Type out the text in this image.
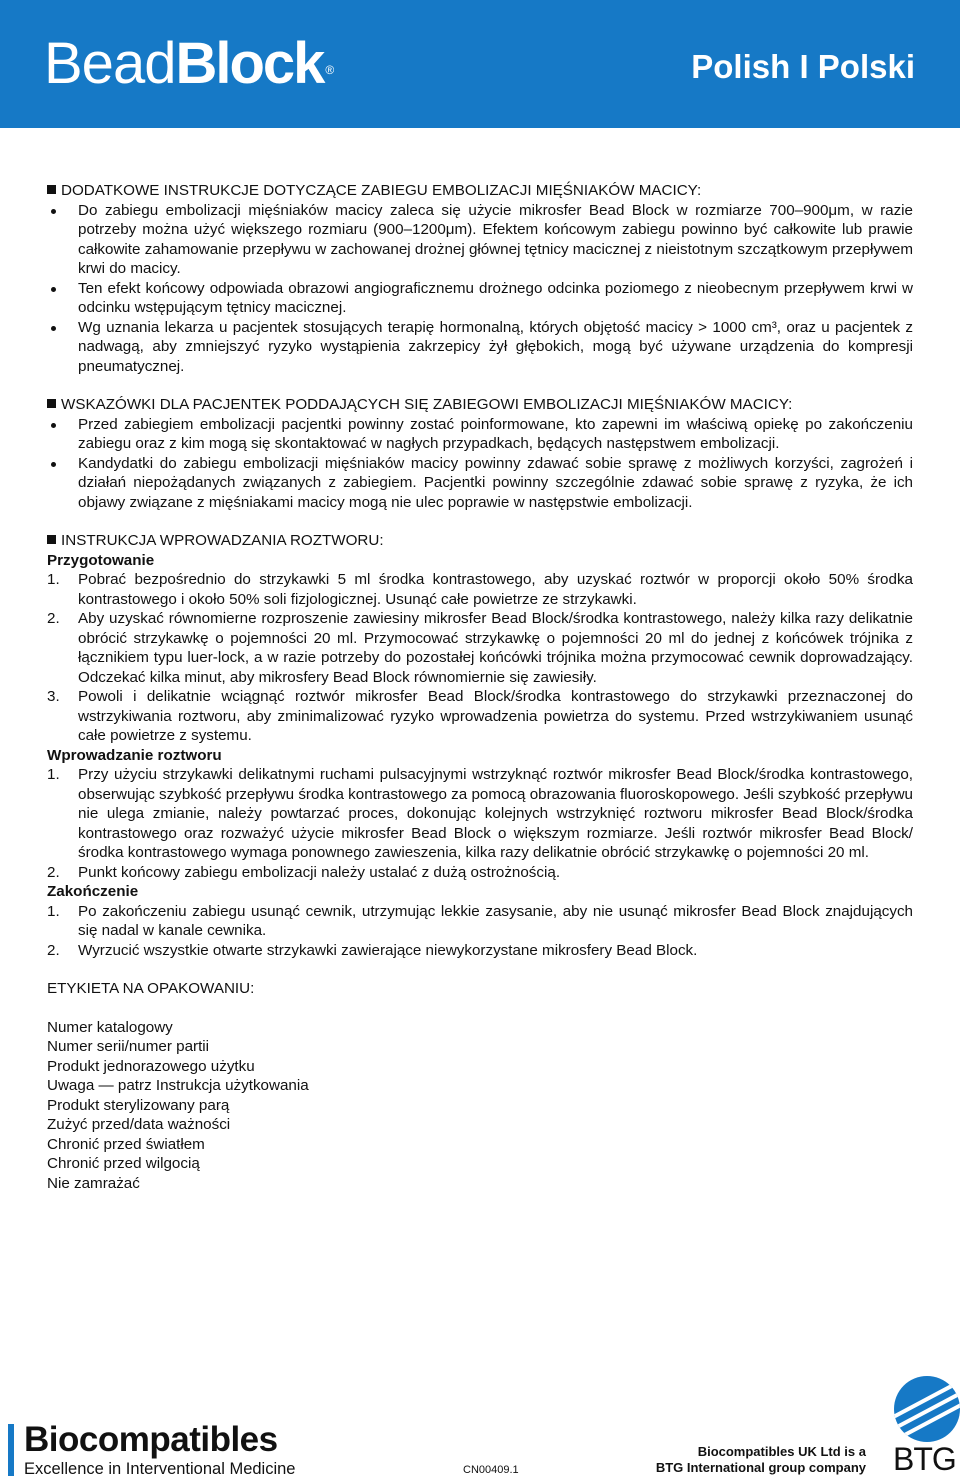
BeadBlock ®	Polish I Polski
DODATKOWE INSTRUKCJE DOTYCZĄCE ZABIEGU EMBOLIZACJI MIĘŚNIAKÓW MACICY:
Do zabiegu embolizacji mięśniaków macicy zaleca się użycie mikrosfer Bead Block w rozmiarze 700–900μm, w razie potrzeby można użyć większego rozmiaru (900–1200μm). Efektem końcowym zabiegu powinno być całkowite lub prawie całkowite zahamowanie przepływu w zachowanej drożnej głównej tętnicy macicznej z nieistotnym szczątkowym przepływem krwi do macicy.
Ten efekt końcowy odpowiada obrazowi angiograficznemu drożnego odcinka poziomego z nieobecnym przepływem krwi w odcinku wstępującym tętnicy macicznej.
Wg uznania lekarza u pacjentek stosujących terapię hormonalną, których objętość macicy > 1000 cm³, oraz u pacjentek z nadwagą, aby zmniejszyć ryzyko wystąpienia zakrzepicy żył głębokich, mogą być używane urządzenia do kompresji pneumatycznej.
WSKAZÓWKI DLA PACJENTEK PODDAJĄCYCH SIĘ ZABIEGOWI EMBOLIZACJI MIĘŚNIAKÓW MACICY:
Przed zabiegiem embolizacji pacjentki powinny zostać poinformowane, kto zapewni im właściwą opiekę po zakończeniu zabiegu oraz z kim mogą się skontaktować w nagłych przypadkach, będących następstwem embolizacji.
Kandydatki do zabiegu embolizacji mięśniaków macicy powinny zdawać sobie sprawę z możliwych korzyści, zagrożeń i działań niepożądanych związanych z zabiegiem. Pacjentki powinny szczególnie zdawać sobie sprawę z ryzyka, że ich objawy związane z mięśniakami macicy mogą nie ulec poprawie w następstwie embolizacji.
INSTRUKCJA WPROWADZANIA ROZTWORU:
Przygotowanie
1. Pobrać bezpośrednio do strzykawki 5 ml środka kontrastowego, aby uzyskać roztwór w proporcji około 50% środka kontrastowego i około 50% soli fizjologicznej. Usunąć całe powietrze ze strzykawki.
2. Aby uzyskać równomierne rozproszenie zawiesiny mikrosfer Bead Block/środka kontrastowego, należy kilka razy delikatnie obrócić strzykawkę o pojemności 20 ml. Przymocować strzykawkę o pojemności 20 ml do jednej z końcówek trójnika z łącznikiem typu luer-lock, a w razie potrzeby do pozostałej końcówki trójnika można przymocować cewnik doprowadzający. Odczekać kilka minut, aby mikrosfery Bead Block równomiernie się zawiesiły.
3. Powoli i delikatnie wciągnąć roztwór mikrosfer Bead Block/środka kontrastowego do strzykawki przeznaczonej do wstrzykiwania roztworu, aby zminimalizować ryzyko wprowadzenia powietrza do systemu. Przed wstrzykiwaniem usunąć całe powietrze z systemu.
Wprowadzanie roztworu
1. Przy użyciu strzykawki delikatnymi ruchami pulsacyjnymi wstrzyknąć roztwór mikrosfer Bead Block/środka kontrastowego, obserwując szybkość przepływu środka kontrastowego za pomocą obrazowania fluoroskopowego. Jeśli szybkość przepływu nie ulega zmianie, należy powtarzać proces, dokonując kolejnych wstrzyknięć roztworu mikrosfer Bead Block/środka kontrastowego oraz rozważyć użycie mikrosfer Bead Block o większym rozmiarze. Jeśli roztwór mikrosfer Bead Block/środka kontrastowego wymaga ponownego zawieszenia, kilka razy delikatnie obrócić strzykawkę o pojemności 20 ml.
2. Punkt końcowy zabiegu embolizacji należy ustalać z dużą ostrożnością.
Zakończenie
1. Po zakończeniu zabiegu usunąć cewnik, utrzymując lekkie zasysanie, aby nie usunąć mikrosfer Bead Block znajdujących się nadal w kanale cewnika.
2. Wyrzucić wszystkie otwarte strzykawki zawierające niewykorzystane mikrosfery Bead Block.
ETYKIETA NA OPAKOWANIU:
Numer katalogowy
Numer serii/numer partii
Produkt jednorazowego użytku
Uwaga — patrz Instrukcja użytkowania
Produkt sterylizowany parą
Zużyć przed/data ważności
Chronić przed światłem
Chronić przed wilgocią
Nie zamrażać
Biocompatibles
Excellence in Interventional Medicine	CN00409.1
Biocompatibles UK Ltd is a
BTG International group company BTG
